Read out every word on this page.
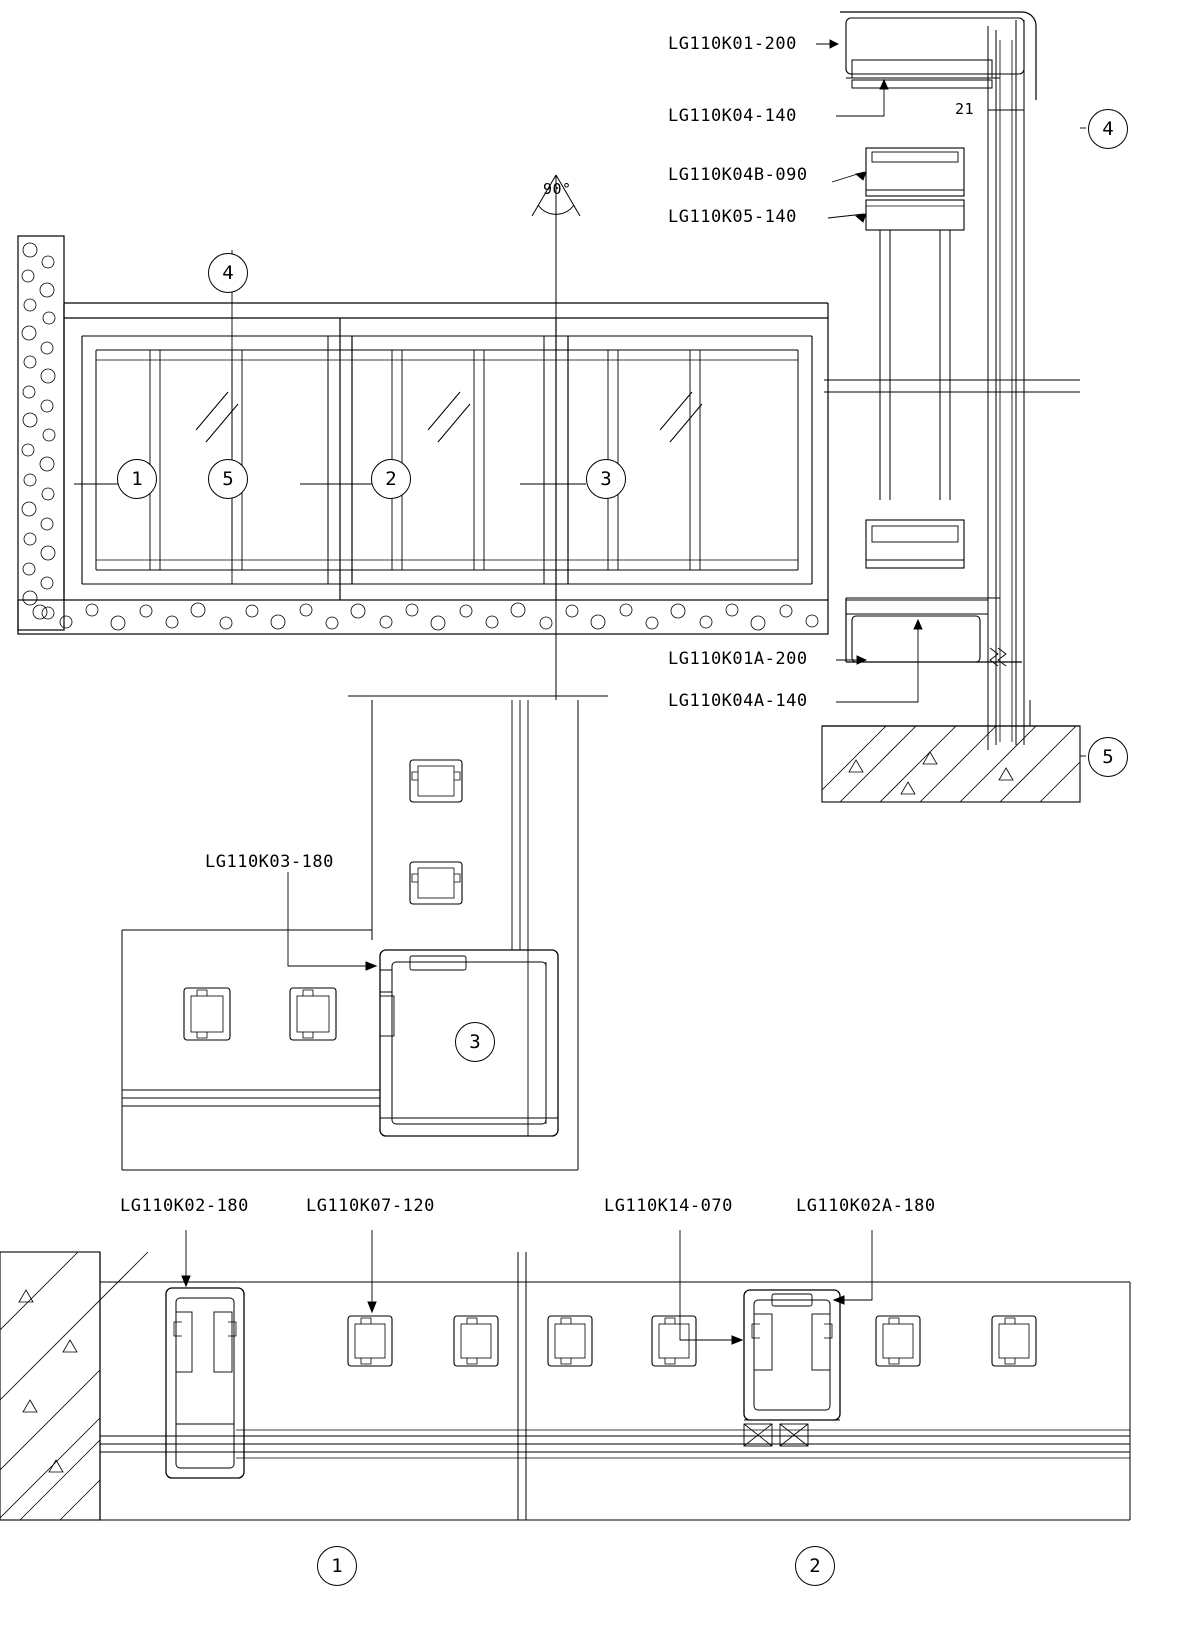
LG110K01-200
LG110K04-140
LG110K04B-090
LG110K05-140
LG110K01A-200
LG110K04A-140
LG110K03-180
LG110K02-180	LG110K07-120	LG110K14-070	LG110K02A-180
90°
21
4
1	5	2	3
4
5
3
1	2
